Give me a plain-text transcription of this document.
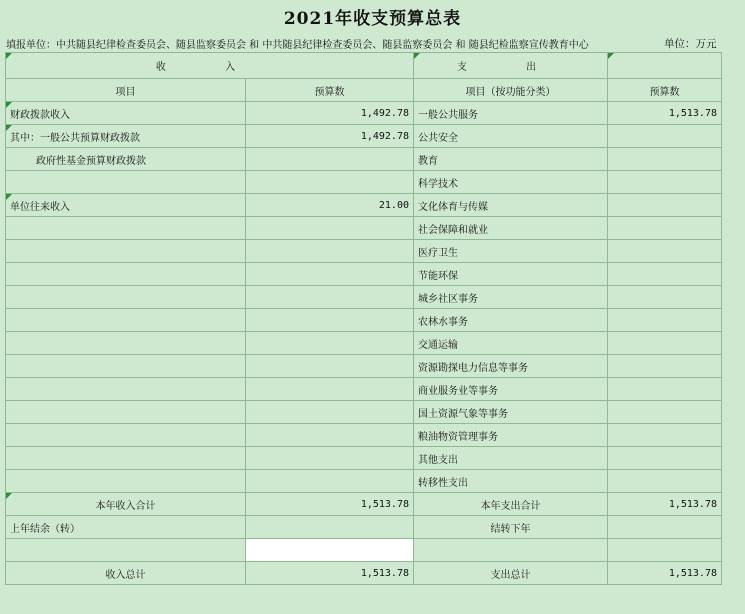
2021年收支预算总表
填报单位：中共随县纪律检查委员会、随县监察委员会 和 中共随县纪律检查委员会、随县监察委员会 和 随县纪检监察宣传教育中心	单位：万元
收 入		支 出	
项目	预算数	项目（按功能分类）	预算数
财政拨款收入	1,492.78	一般公共服务	1,513.78
其中：一般公共预算财政拨款	1,492.78	公共安全	
政府性基金预算财政拨款		教育	
		科学技术	
单位往来收入	21.00	文化体育与传媒	
		社会保障和就业	
		医疗卫生	
		节能环保	
		城乡社区事务	
		农林水事务	
		交通运输	
		资源勘探电力信息等事务	
		商业服务业等事务	
		国土资源气象等事务	
		粮油物资管理事务	
		其他支出	
		转移性支出	
本年收入合计	1,513.78	本年支出合计	1,513.78
上年结余（转）		结转下年	

收入总计	1,513.78	支出总计	1,513.78
